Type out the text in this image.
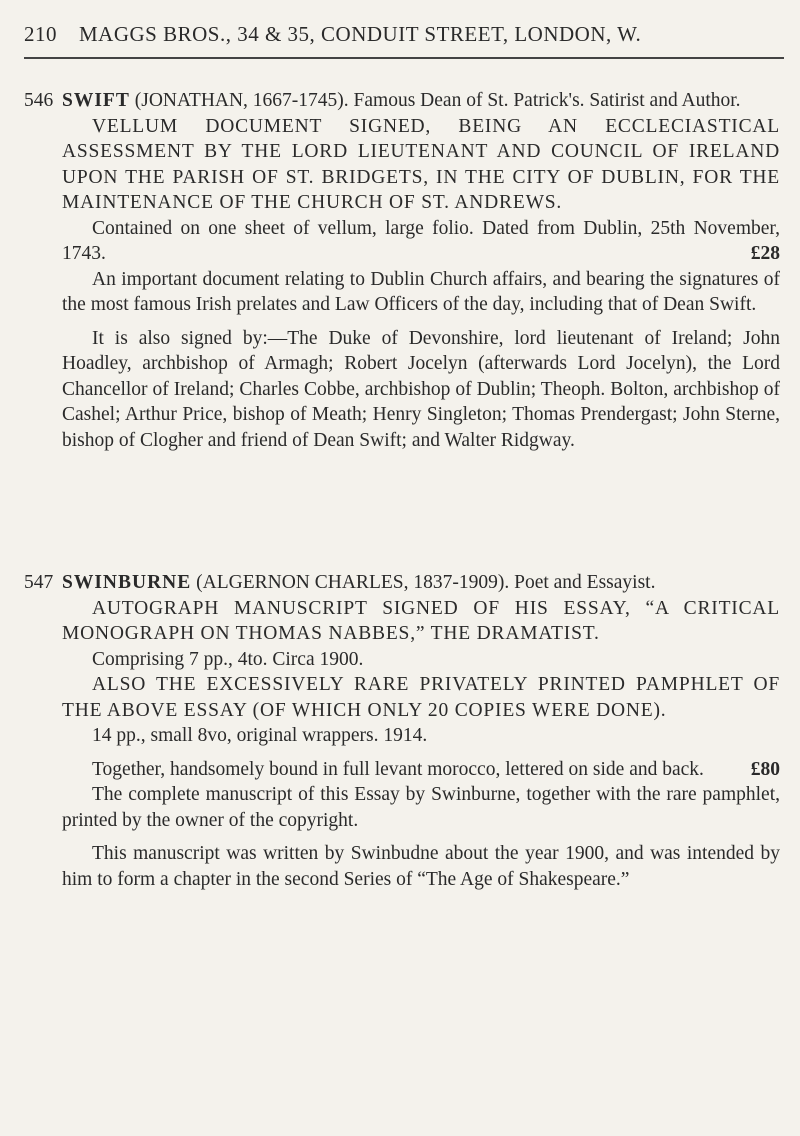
210 MAGGS BROS., 34 & 35, CONDUIT STREET, LONDON, W.
546 SWIFT (JONATHAN, 1667-1745). Famous Dean of St. Patrick's. Satirist and Author.

VELLUM DOCUMENT SIGNED, BEING AN ECCLECIASTICAL ASSESSMENT BY THE LORD LIEUTENANT AND COUNCIL OF IRELAND UPON THE PARISH OF ST. BRIDGETS, IN THE CITY OF DUBLIN, FOR THE MAINTENANCE OF THE CHURCH OF ST. ANDREWS.

Contained on one sheet of vellum, large folio. Dated from Dublin, 25th November, 1743.	£28

An important document relating to Dublin Church affairs, and bearing the signatures of the most famous Irish prelates and Law Officers of the day, including that of Dean Swift.

It is also signed by:—The Duke of Devonshire, lord lieutenant of Ireland; John Hoadley, archbishop of Armagh; Robert Jocelyn (afterwards Lord Jocelyn), the Lord Chancellor of Ireland; Charles Cobbe, archbishop of Dublin; Theoph. Bolton, archbishop of Cashel; Arthur Price, bishop of Meath; Henry Singleton; Thomas Prendergast; John Sterne, bishop of Clogher and friend of Dean Swift; and Walter Ridgway.

547 SWINBURNE (ALGERNON CHARLES, 1837-1909). Poet and Essayist.

AUTOGRAPH MANUSCRIPT SIGNED OF HIS ESSAY, “A CRITICAL MONOGRAPH ON THOMAS NABBES,” THE DRAMATIST.

Comprising 7 pp., 4to. Circa 1900.

ALSO THE EXCESSIVELY RARE PRIVATELY PRINTED PAMPHLET OF THE ABOVE ESSAY (OF WHICH ONLY 20 COPIES WERE DONE).

14 pp., small 8vo, original wrappers. 1914.

Together, handsomely bound in full levant morocco, lettered on side and back. £80

The complete manuscript of this Essay by Swinburne, together with the rare pamphlet, printed by the owner of the copyright.

This manuscript was written by Swinbudne about the year 1900, and was intended by him to form a chapter in the second Series of “The Age of Shakespeare.”
